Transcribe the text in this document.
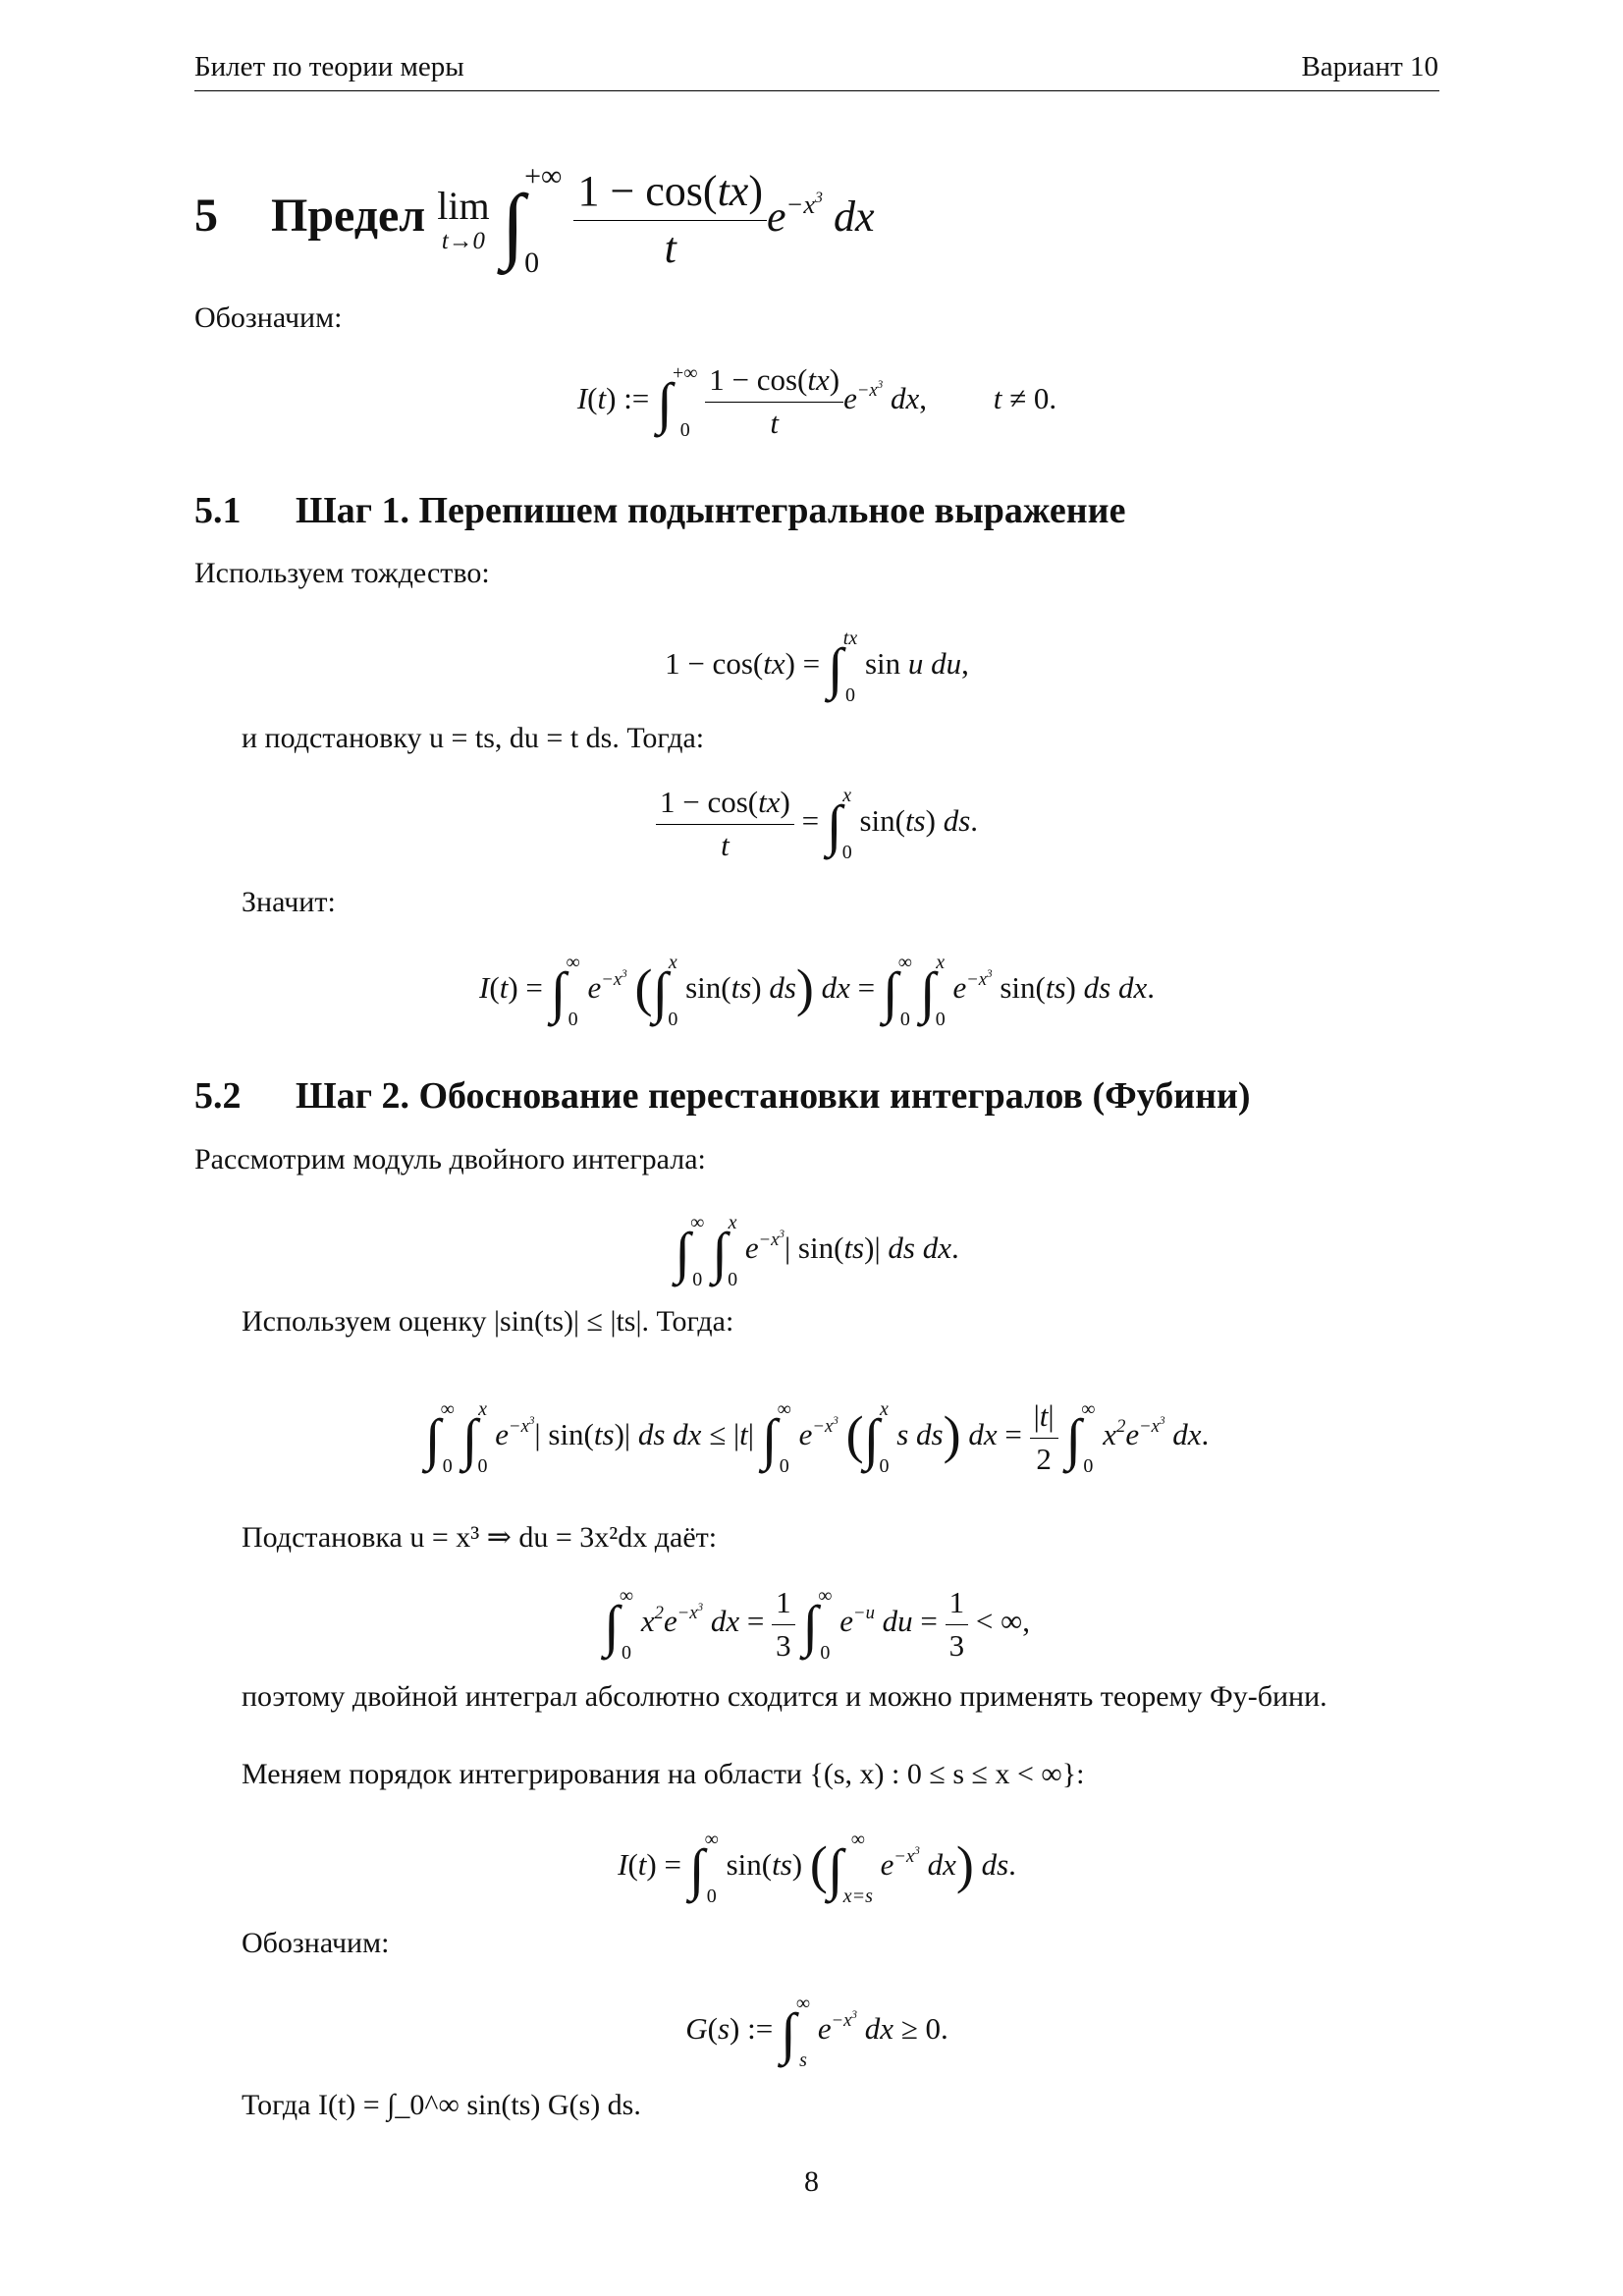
Билет по теории меры	Вариант 10
5 Предел lim
t→0 ∫
+∞
0
$\frac{1 - \cos(tx)}{t} e^{-x^3}$ dx
Обозначим:
I(t) := ∫ +∞
0
$\frac{1 - \cos(tx)}{t} e^{-x^3}$ dx, t ≠ 0.
5.1 Шаг 1. Перепишем подынтегральное выражение
Используем тождество:
1 − cos(tx) = ∫ tx
0
sin u du,
и подстановку u = ts, du = t ds. Тогда:
$\frac{1 - \cos(tx)}{t}$ = ∫ x
0
sin(ts) ds.
Значит:
I(t) = ∫ ∞
0
$e^{-x^3}$ (∫ x
0
sin(ts) ds) dx = ∫ ∞
0 ∫ x
0
$e^{-x^3}$ sin(ts) ds dx.
5.2 Шаг 2. Обоснование перестановки интегралов (Фубини)
Рассмотрим модуль двойного интеграла:
∫ ∞
0 ∫ x
0
$e^{-x^3}|$ sin(ts)| ds dx.
Используем оценку |sin(ts)| ≤ |ts|. Тогда:
∫ ∞
0 ∫ x
0
$e^{-x^3}|$ sin(ts)| ds dx ≤ |t| ∫ ∞
0
$e^{-x^3}$ (∫ x
0
s ds) dx = $\frac{|t|}{2}$ ∫ ∞
0
$x^2e^{-x^3}$ dx.
Подстановка u = x³ ⇒ du = 3x²dx даёт:
∫ ∞
0
$x^2e^{-x^3}$ dx = $\frac{1}{3}$ ∫ ∞
0
$e^{-u}$ du = $\frac{1}{3}$ < ∞,
поэтому двойной интеграл абсолютно сходится и можно применять теорему Фу-бини.
Меняем порядок интегрирования на области {(s, x) : 0 ≤ s ≤ x < ∞}:
I(t) = ∫ ∞
0
sin(ts) (∫ ∞
x=s
$e^{-x^3}$ dx) ds.
Обозначим:
G(s) := ∫ ∞
s
$e^{-x^3}$ dx ≥ 0.
Тогда I(t) = ∫_0^∞ sin(ts) G(s) ds.
8
